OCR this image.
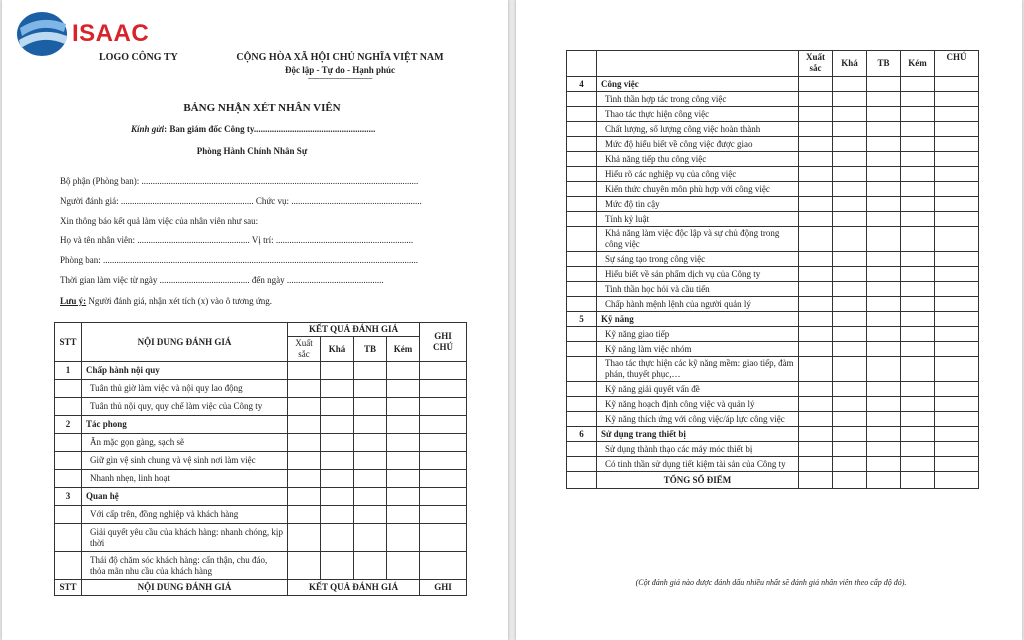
ISAAC
LOGO CÔNG TY	CỘNG HÒA XÃ HỘI CHỦ NGHĨA VIỆT NAM
Độc lập - Tự do - Hạnh phúc
-----------------------------------
BẢNG NHẬN XÉT NHÂN VIÊN
Kính gửi: Ban giám đốc Công ty......................................................
Phòng Hành Chính Nhân Sự
Bộ phận (Phòng ban): ...........................................................................................................................
Người đánh giá: ........................................................... Chức vụ: ..........................................................
Xin thông báo kết quả làm việc của nhân viên như sau:
Họ và tên nhân viên: .................................................. Vị trí: .............................................................
Phòng ban: ............................................................................................................................................
Thời gian làm việc từ ngày ........................................ đến ngày ...........................................
Lưu ý: Người đánh giá, nhận xét tích (x) vào ô tương ứng.
STT	NỘI DUNG ĐÁNH GIÁ	KẾT QUẢ ĐÁNH GIÁ				GHI CHÚ
		Xuất sắc	Khá	TB	Kém	
1	Chấp hành nội quy					
	Tuân thủ giờ làm việc và nội quy lao động					
	Tuân thủ nội quy, quy chế làm việc của Công ty					
2	Tác phong					
	Ăn mặc gọn gàng, sạch sẽ					
	Giữ gìn vệ sinh chung và vệ sinh nơi làm việc					
	Nhanh nhẹn, linh hoạt					
3	Quan hệ					
	Với cấp trên, đồng nghiệp và khách hàng					
	Giải quyết yêu cầu của khách hàng: nhanh chóng, kịp thời					
	Thái độ chăm sóc khách hàng: cẩn thận, chu đáo, thỏa mãn nhu cầu của khách hàng					
STT	NỘI DUNG ĐÁNH GIÁ	KẾT QUẢ ĐÁNH GIÁ				GHI
		Xuất sắc	Khá	TB	Kém	CHÚ
4	Công việc					
	Tinh thần hợp tác trong công việc					
	Thao tác thực hiện công việc					
	Chất lượng, số lượng công việc hoàn thành					
	Mức độ hiểu biết về công việc được giao					
	Khả năng tiếp thu công việc					
	Hiểu rõ các nghiệp vụ của công việc					
	Kiến thức chuyên môn phù hợp với công việc					
	Mức độ tin cậy					
	Tính kỷ luật					
	Khả năng làm việc độc lập và sự chủ động trong công việc					
	Sự sáng tạo trong công việc					
	Hiểu biết về sản phẩm dịch vụ của Công ty					
	Tinh thần học hỏi và cầu tiến					
	Chấp hành mệnh lệnh của người quản lý					
5	Kỹ năng					
	Kỹ năng giao tiếp					
	Kỹ năng làm việc nhóm					
	Thao tác thực hiện các kỹ năng mềm: giao tiếp, đàm phán, thuyết phục,…					
	Kỹ năng giải quyết vấn đề					
	Kỹ năng hoạch định công việc và quản lý					
	Kỹ năng thích ứng với công việc/áp lực công việc					
6	Sử dụng trang thiết bị					
	Sử dụng thành thạo các máy móc thiết bị					
	Có tinh thần sử dụng tiết kiệm tài sản của Công ty					
	TỔNG SỐ ĐIỂM					
(Cột đánh giá nào được đánh dấu nhiều nhất sẽ đánh giá nhân viên theo cấp độ đó).
